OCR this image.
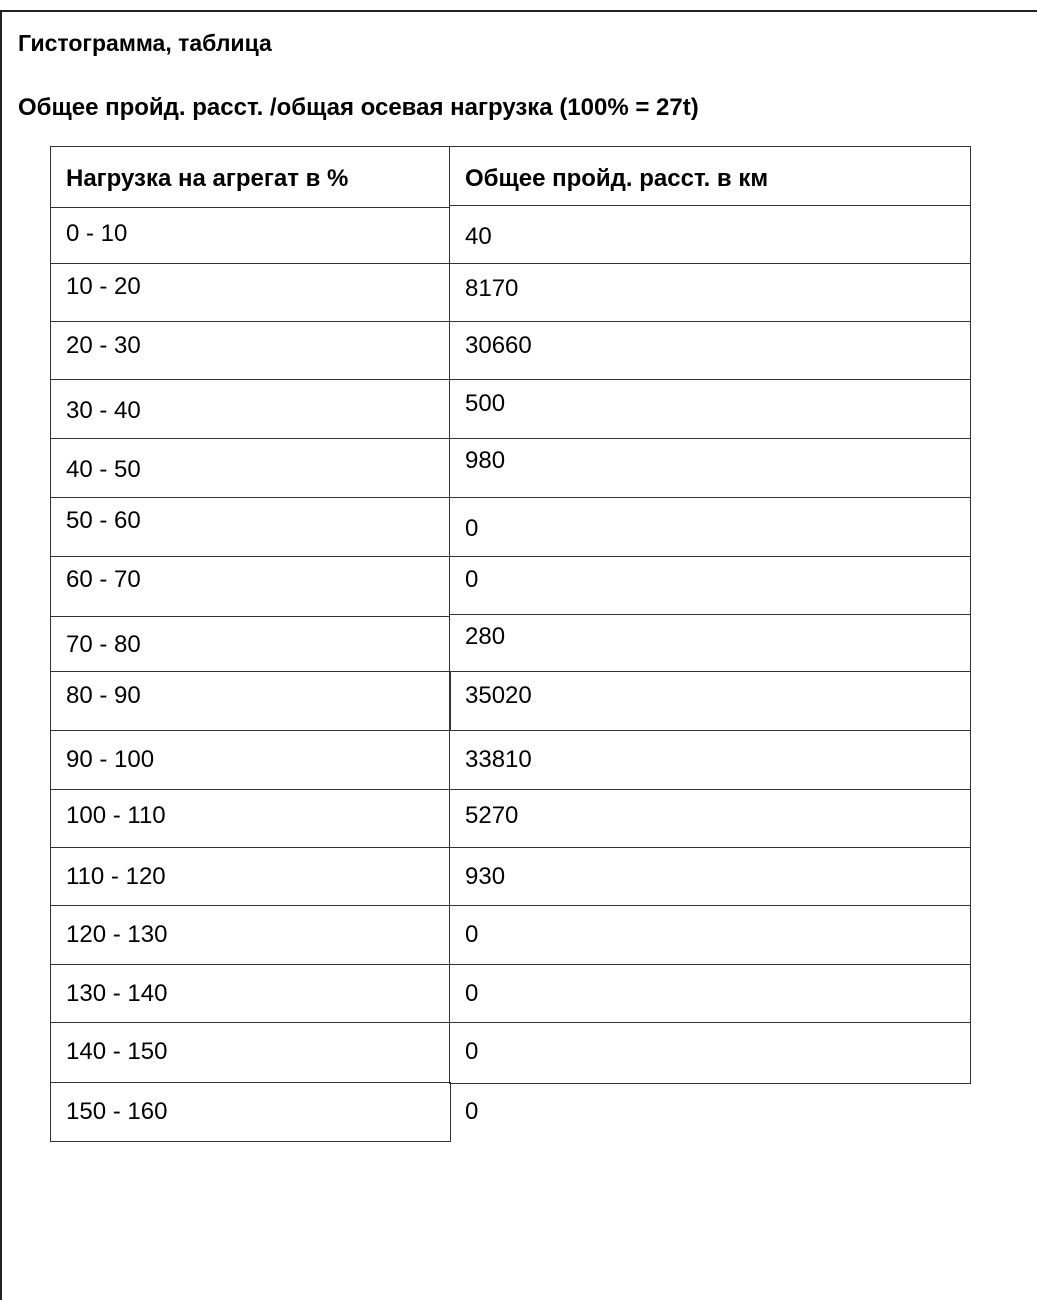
Гистограмма, таблица
Общее пройд. расст. /общая осевая нагрузка (100% = 27t)
Нагрузка на агрегат в %	Общее пройд. расст. в км
0 - 10	40
10 - 20	8170
20 - 30	30660
30 - 40	500
40 - 50	980
50 - 60	0
60 - 70	0
70 - 80	280
80 - 90	35020
90 - 100	33810
100 - 110	5270
110 - 120	930
120 - 130	0
130 - 140	0
140 - 150	0
150 - 160	0
